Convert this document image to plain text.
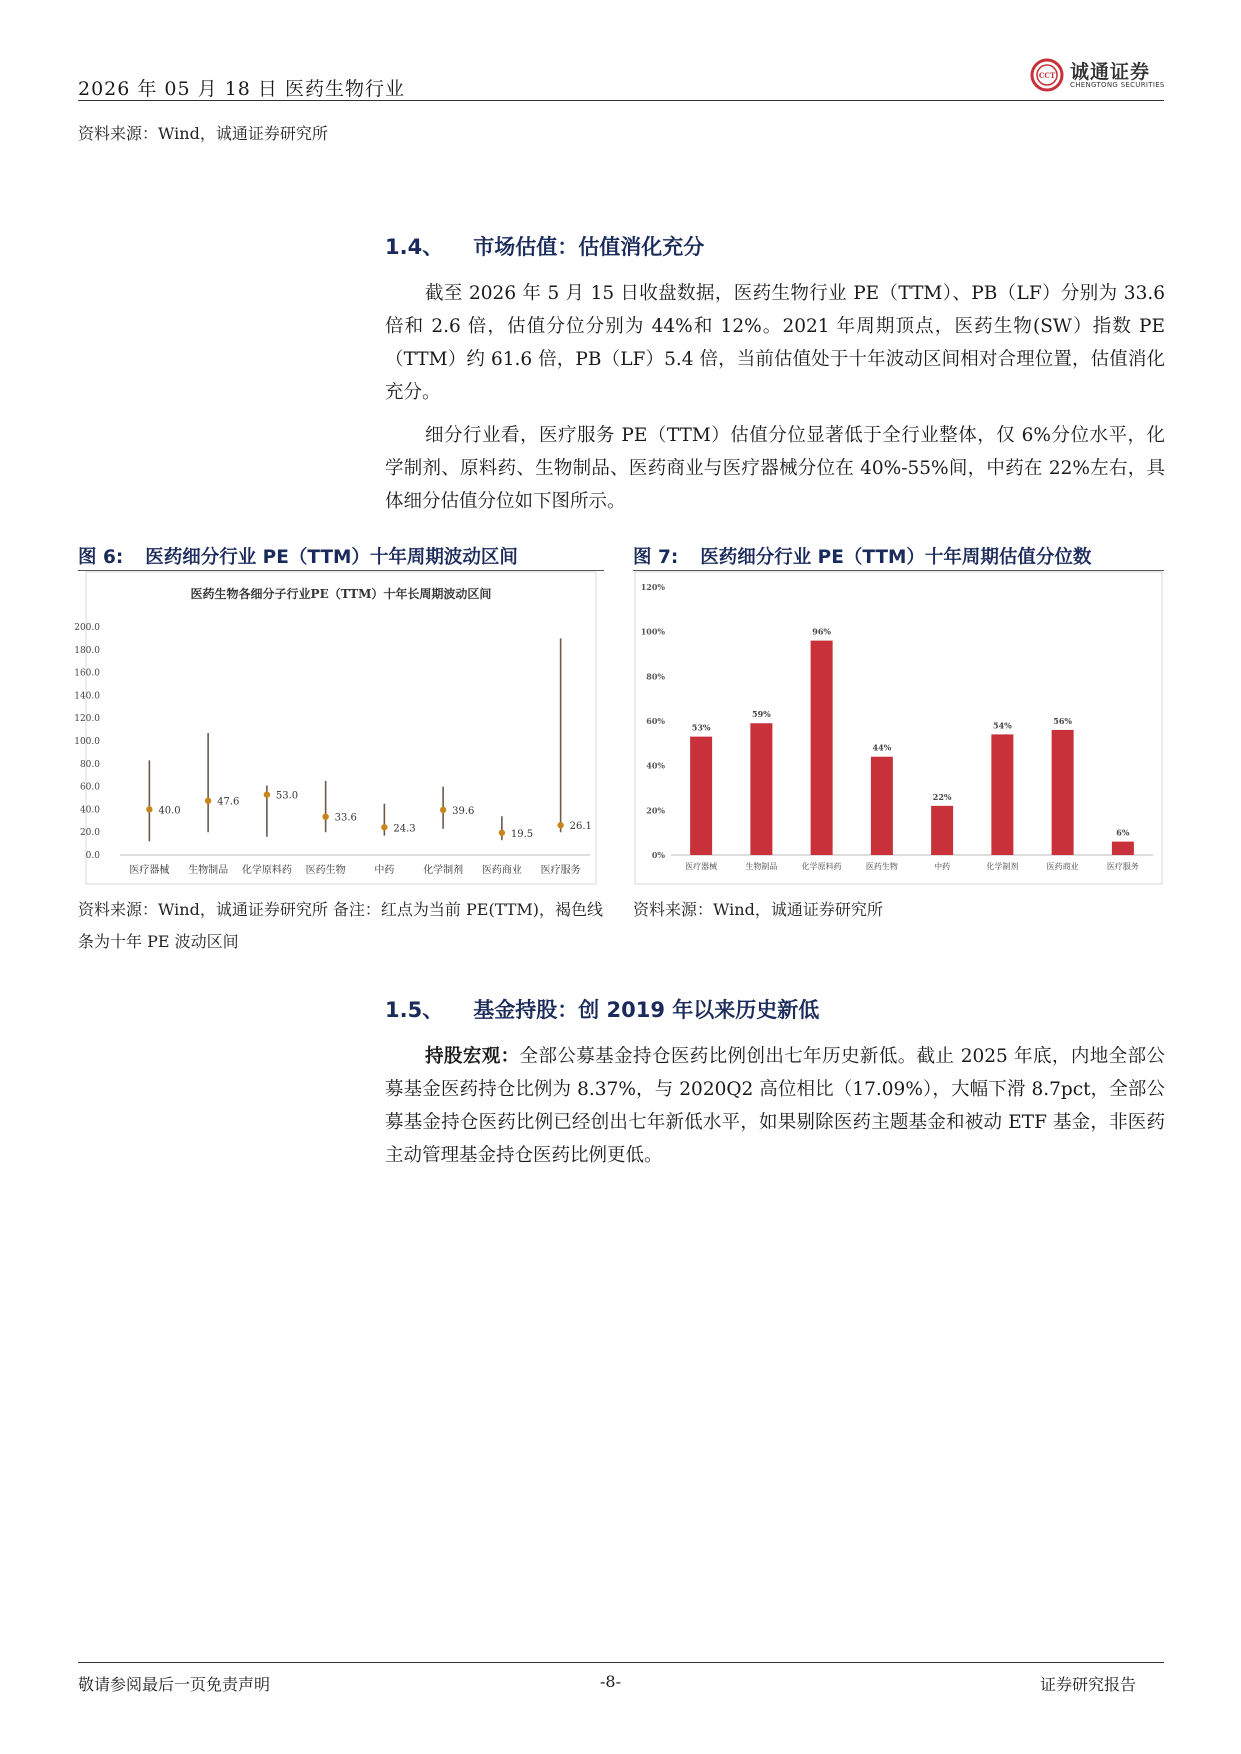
2026 年 05 月 18 日 医药生物行业
CCT 诚通证券
CHENGTONG SECURITIES
资料来源：Wind，诚通证券研究所
1.4、 市场估值：估值消化充分

截至 2026 年 5 月 15 日收盘数据，医药生物行业 PE（TTM）、PB（LF）分别为 33.6 倍和 2.6 倍，估值分位分别为 44%和 12%。2021 年周期顶点，医药生物(SW）指数 PE（TTM）约 61.6 倍，PB（LF）5.4 倍，当前估值处于十年波动区间相对合理位置，估值消化充分。

细分行业看，医疗服务 PE（TTM）估值分位显著低于全行业整体，仅 6%分位水平，化学制剂、原料药、生物制品、医药商业与医疗器械分位在 40%-55%间，中药在 22%左右，具体细分估值分位如下图所示。

图 6: 医药细分行业 PE（TTM）十年周期波动区间
医药生物各细分子行业PE（TTM）十年长周期波动区间
0.0
20.0
40.0
60.0
80.0
100.0
120.0
140.0
160.0
180.0
200.0
40.0
医疗器械
47.6
生物制品
53.0
化学原料药
33.6
医药生物
24.3
中药
39.6
化学制剂
19.5
医药商业
26.1
医疗服务
资料来源：Wind，诚通证券研究所 备注：红点为当前 PE(TTM)，褐色线条为十年 PE 波动区间
图 7: 医药细分行业 PE（TTM）十年周期估值分位数
0%
20%
40%
60%
80%
100%
120%
53%
医疗器械
59%
生物制品
96%
化学原料药
44%
医药生物
22%
中药
54%
化学制剂
56%
医药商业
6%
医疗服务
资料来源：Wind，诚通证券研究所
1.5、 基金持股：创 2019 年以来历史新低

持股宏观：全部公募基金持仓医药比例创出七年历史新低。截止 2025 年底，内地全部公募基金医药持仓比例为 8.37%，与 2020Q2 高位相比（17.09%），大幅下滑 8.7pct，全部公募基金持仓医药比例已经创出七年新低水平，如果剔除医药主题基金和被动 ETF 基金，非医药主动管理基金持仓医药比例更低。

敬请参阅最后一页免责声明	-8-	证券研究报告
